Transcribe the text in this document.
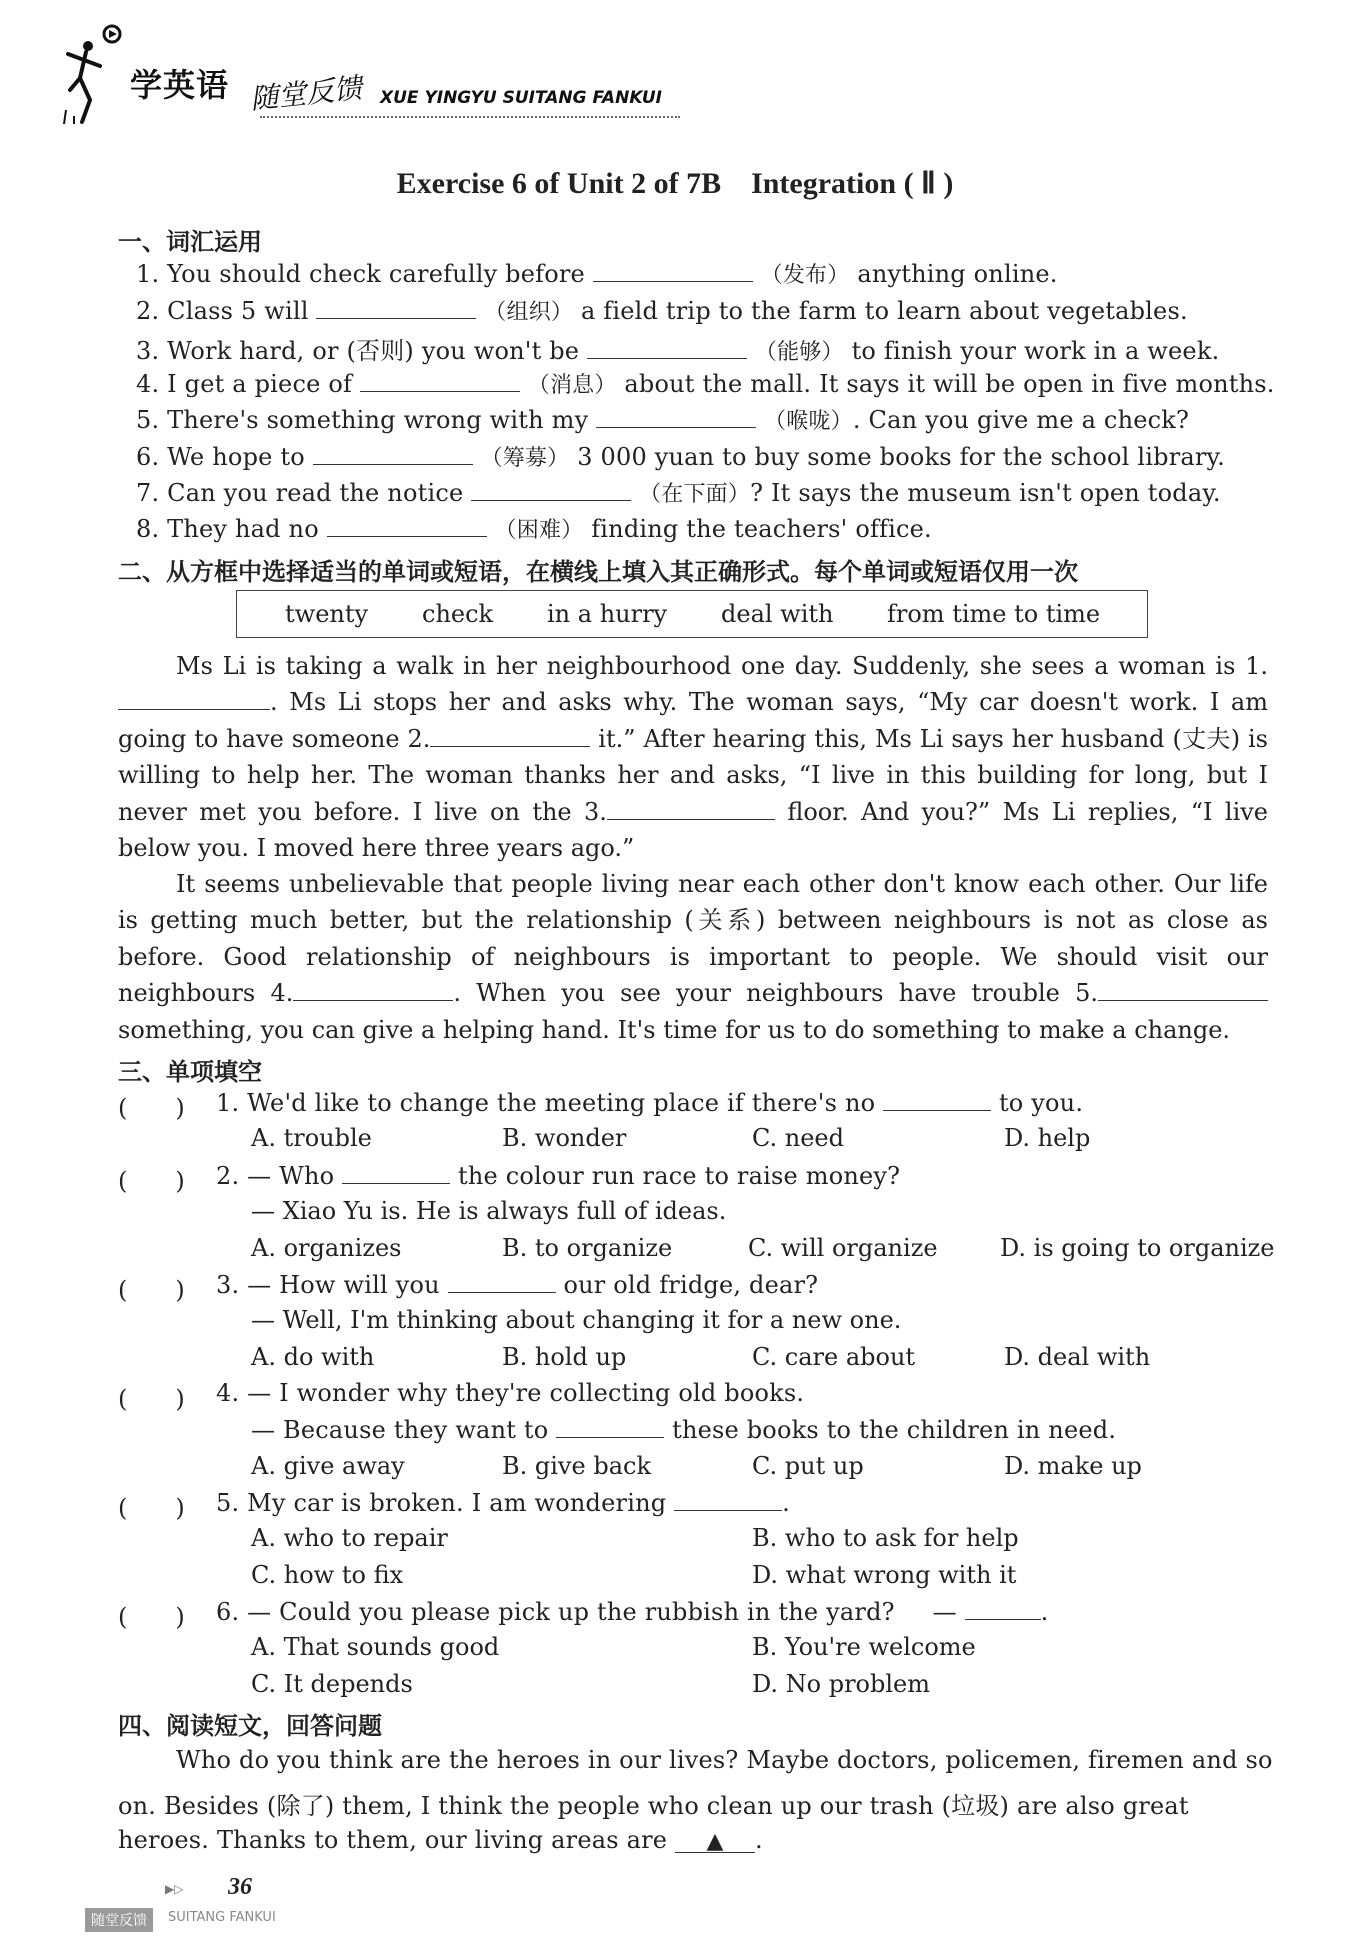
学英语 随堂反馈 XUE YINGYU SUITANG FANKUI
Exercise 6 of Unit 2 of 7B　Integration ( Ⅱ )
一、词汇运用
1. You should check carefully before	（发布） anything online.
2. Class 5 will	（组织） a field trip to the farm to learn about vegetables.
3. Work hard, or (否则) you won't be	（能够） to finish your work in a week.
4. I get a piece of	（消息） about the mall. It says it will be open in five months.
5. There's something wrong with my	（喉咙）. Can you give me a check?
6. We hope to	（筹募） 3 000 yuan to buy some books for the school library.
7. Can you read the notice	（在下面）? It says the museum isn't open today.
8. They had no	（困难） finding the teachers' office.
二、从方框中选择适当的单词或短语，在横线上填入其正确形式。每个单词或短语仅用一次
twenty check in a hurry deal with from time to time
Ms Li is taking a walk in her neighbourhood one day. Suddenly, she sees a woman is 1.. Ms Li stops her and asks why. The woman says, “My car doesn't work. I am going to have someone 2.	it.” After hearing this, Ms Li says her husband (丈夫) is willing to help her. The woman thanks her and asks, “I live in this building for long, but I never met you before. I live on the 3.	floor. And you?” Ms Li replies, “I live below you. I moved here three years ago.”
It seems unbelievable that people living near each other don't know each other. Our life is getting much better, but the relationship (关系) between neighbours is not as close as before. Good relationship of neighbours is important to people. We should visit our neighbours 4.	. When you see your neighbours have trouble 5. something, you can give a helping hand. It's time for us to do something to make a change.
三、单项填空
(　　) 1. We'd like to change the meeting place if there's no	to you.
A. trouble	B. wonder	C. need	D. help
(　　) 2. — Who	the colour run race to raise money?
— Xiao Yu is. He is always full of ideas.
A. organizes	B. to organize	C. will organize	D. is going to organize
(　　) 3. — How will you	our old fridge, dear?
— Well, I'm thinking about changing it for a new one.
A. do with	B. hold up	C. care about	D. deal with
(　　) 4. — I wonder why they're collecting old books.
— Because they want to	these books to the children in need.
A. give away	B. give back	C. put up	D. make up
(　　) 5. My car is broken. I am wondering	.
A. who to repair	B. who to ask for help
C. how to fix	D. what wrong with it
(　　) 6. — Could you please pick up the rubbish in the yard? —	.
A. That sounds good	B. You're welcome
C. It depends	D. No problem
四、阅读短文，回答问题
Who do you think are the heroes in our lives? Maybe doctors, policemen, firemen and so
on. Besides (除了) them, I think the people who clean up our trash (垃圾) are also great
heroes. Thanks to them, our living areas are ▲ .
▶▷ 36
随堂反馈	SUITANG FANKUI
